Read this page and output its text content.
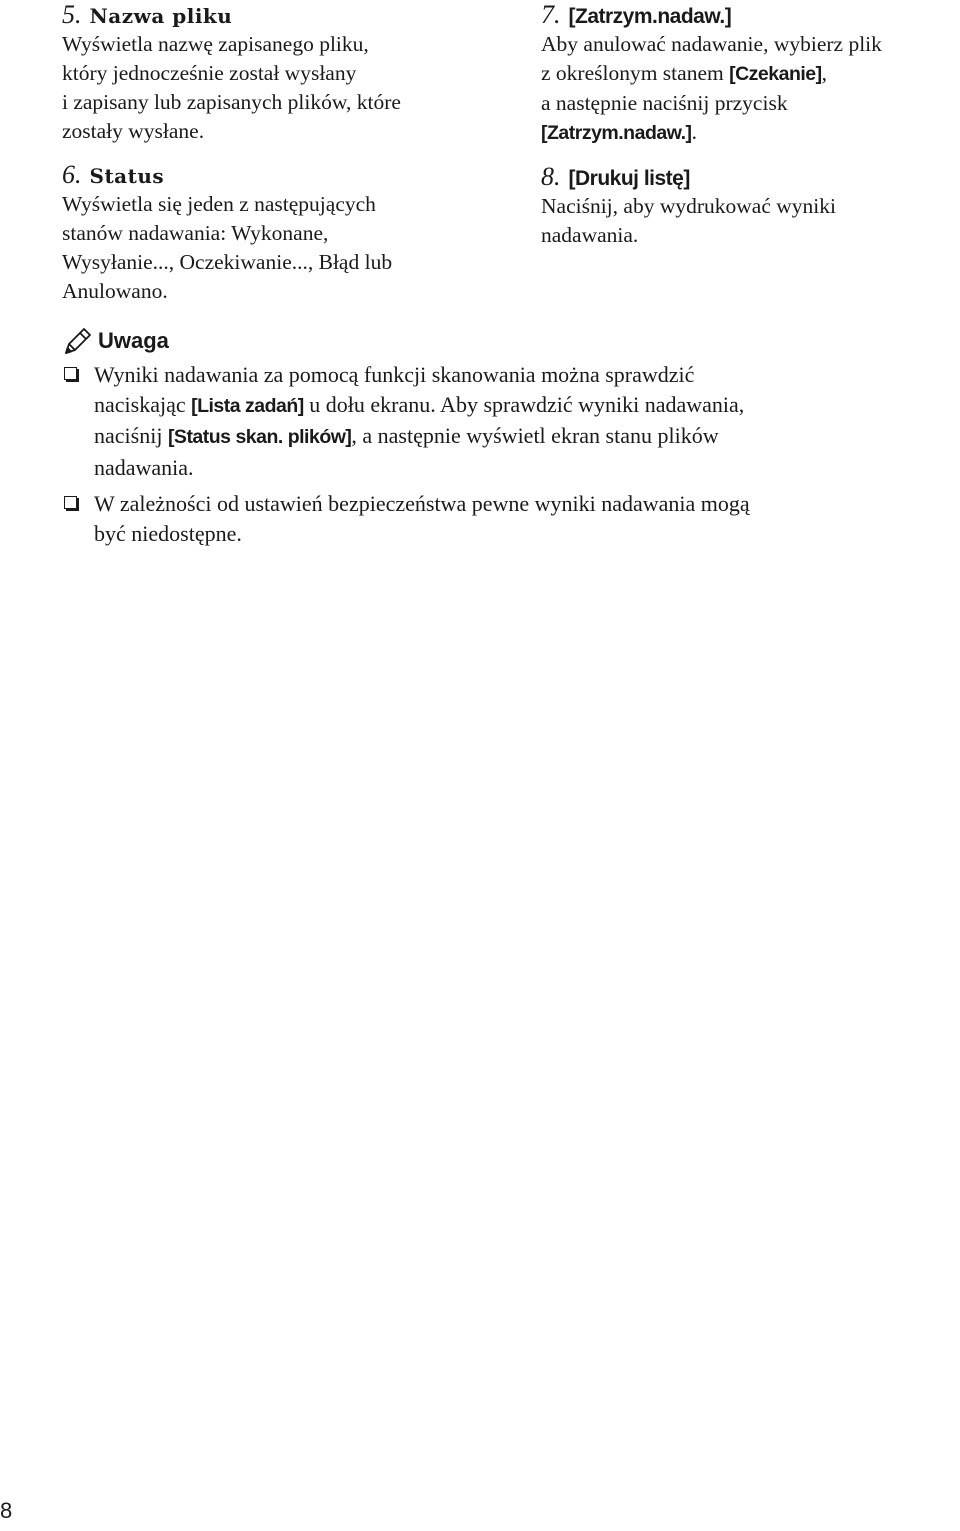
5. Nazwa pliku

Wyświetla nazwę zapisanego pliku,
który jednocześnie został wysłany
i zapisany lub zapisanych plików, które
zostały wysłane.

6. Status

Wyświetla się jeden z następujących
stanów nadawania: Wykonane,
Wysyłanie..., Oczekiwanie..., Błąd lub
Anulowano.

7. [Zatrzym.nadaw.]

Aby anulować nadawanie, wybierz plik
z określonym stanem [Czekanie],
a następnie naciśnij przycisk
[Zatrzym.nadaw.].

8. [Drukuj listę]

Naciśnij, aby wydrukować wyniki
nadawania.

Uwaga
Wyniki nadawania za pomocą funkcji skanowania można sprawdzić
naciskając [Lista zadań] u dołu ekranu. Aby sprawdzić wyniki nadawania,
naciśnij [Status skan. plików], a następnie wyświetl ekran stanu plików
nadawania.
W zależności od ustawień bezpieczeństwa pewne wyniki nadawania mogą
być niedostępne.
8
